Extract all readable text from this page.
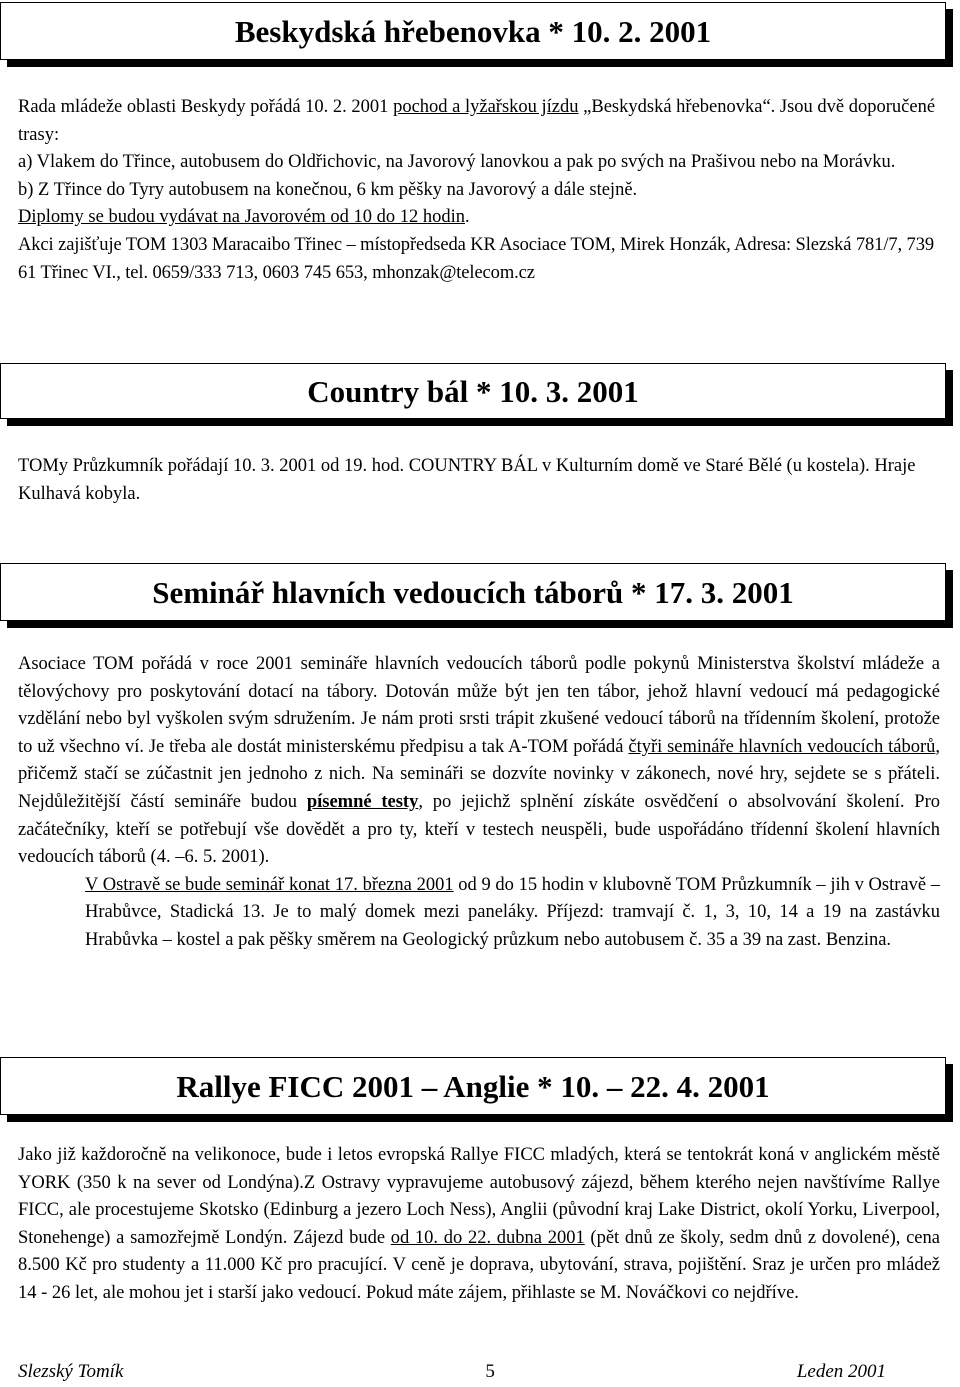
Beskydská hřebenovka * 10. 2. 2001

Rada mládeže oblasti Beskydy pořádá 10. 2. 2001 pochod a lyžařskou jízdu „Beskydská hřebenovka“. Jsou dvě doporučené trasy:

a) Vlakem do Třince, autobusem do Oldřichovic, na Javorový lanovkou a pak po svých na Prašivou nebo na Morávku.

b) Z Třince do Tyry autobusem na konečnou, 6 km pěšky na Javorový a dále stejně.

Diplomy se budou vydávat na Javorovém od 10 do 12 hodin.

Akci zajišťuje TOM 1303 Maracaibo Třinec – místopředseda KR Asociace TOM, Mirek Honzák, Adresa: Slezská 781/7, 739 61 Třinec VI., tel. 0659/333 713, 0603 745 653, mhonzak@telecom.cz

Country bál * 10. 3. 2001

TOMy Průzkumník pořádají 10. 3. 2001 od 19. hod. COUNTRY BÁL v Kulturním domě ve Staré Bělé (u kostela). Hraje Kulhavá kobyla.

Seminář hlavních vedoucích táborů * 17. 3. 2001

Asociace TOM pořádá v roce 2001 semináře hlavních vedoucích táborů podle pokynů Ministerstva školství mládeže a tělovýchovy pro poskytování dotací na tábory. Dotován může být jen ten tábor, jehož hlavní vedoucí má pedagogické vzdělání nebo byl vyškolen svým sdružením. Je nám proti srsti trápit zkušené vedoucí táborů na třídenním školení, protože to už všechno ví. Je třeba ale dostát ministerskému předpisu a tak A-TOM pořádá čtyři semináře hlavních vedoucích táborů, přičemž stačí se zúčastnit jen jednoho z nich. Na semináři se dozvíte novinky v zákonech, nové hry, sejdete se s přáteli. Nejdůležitější částí semináře budou písemné testy, po jejichž splnění získáte osvědčení o absolvování školení. Pro začátečníky, kteří se potřebují vše dovědět a pro ty, kteří v testech neuspěli, bude uspořádáno třídenní školení hlavních vedoucích táborů (4. –6. 5. 2001).

V Ostravě se bude seminář konat 17. března 2001 od 9 do 15 hodin v klubovně TOM Průzkumník – jih v Ostravě – Hrabůvce, Stadická 13. Je to malý domek mezi paneláky. Příjezd: tramvají č. 1, 3, 10, 14 a 19 na zastávku Hrabůvka – kostel a pak pěšky směrem na Geologický průzkum nebo autobusem č. 35 a 39 na zast. Benzina.

Rallye FICC 2001 – Anglie * 10. – 22. 4. 2001

Jako již každoročně na velikonoce, bude i letos evropská Rallye FICC mladých, která se tentokrát koná v anglickém městě YORK (350 k na sever od Londýna).Z Ostravy vypravujeme autobusový zájezd, během kterého nejen navštívíme Rallye FICC, ale procestujeme Skotsko (Edinburg a jezero Loch Ness), Anglii (původní kraj Lake District, okolí Yorku, Liverpool, Stonehenge) a samozřejmě Londýn. Zájezd bude od 10. do 22. dubna 2001 (pět dnů ze školy, sedm dnů z dovolené), cena 8.500 Kč pro studenty a 11.000 Kč pro pracující. V ceně je doprava, ubytování, strava, pojištění. Sraz je určen pro mládež 14 - 26 let, ale mohou jet i starší jako vedoucí. Pokud máte zájem, přihlaste se M. Nováčkovi co nejdříve.

Slezský Tomík	5	Leden 2001
